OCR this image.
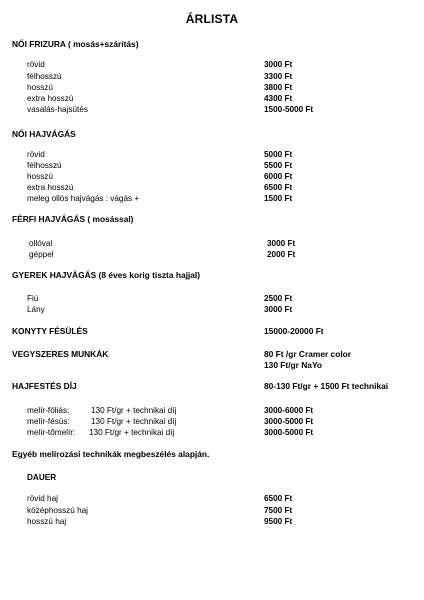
ÁRLISTA
NŐI FRIZURA ( mosás+szárítás)
rövid	3000 Ft
félhosszú	3300 Ft
hosszú	3800 Ft
extra hosszú	4300 Ft
vasalás-hajsütés	1500-5000 Ft
NŐI HAJVÁGÁS
rövid	5000 Ft
félhosszú	5500 Ft
hosszú	6000 Ft
extra hosszú	6500 Ft
meleg ollós hajvágás : vágás +	1500 Ft
FÉRFI HAJVÁGÁS ( mosással)
ollóval	3000 Ft
géppel	2000 Ft
GYEREK HAJVÁGÁS (8 éves korig tiszta hajjal)
Fiú	2500 Ft
Lány	3000 Ft
KONYTY FÉSÜLÉS	15000-20000 Ft
VEGYSZERES MUNKÁK	80 Ft /gr Cramer color
130 Ft/gr NaYo
HAJFESTÉS DÍJ	80-130 Ft/gr + 1500 Ft technikai
melír-fóliás:	130 Ft/gr + technikai díj	3000-6000 Ft
melír-fésüs:	130 Ft/gr + technikai díj	3000-5000 Ft
melír-tőmelír: 130 Ft/gr + technikai díj	3000-5000 Ft
Egyéb melírozási technikák megbeszélés alapján.
DAUER
rövid haj	6500 Ft
középhosszú haj	7500 Ft
hosszú haj	9500 Ft
